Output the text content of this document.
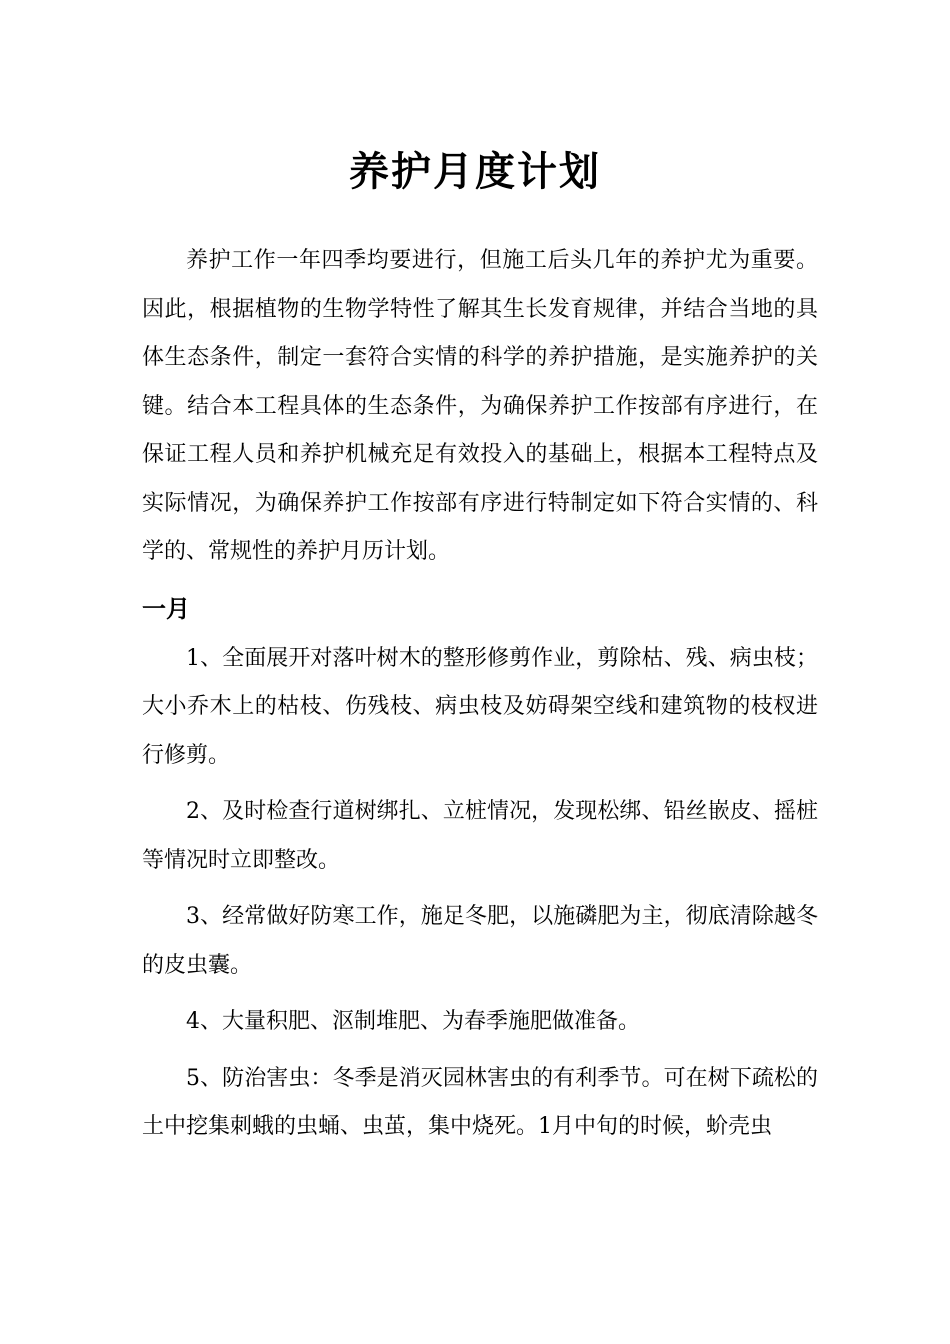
养护月度计划

养护工作一年四季均要进行，但施工后头几年的养护尤为重要。因此，根据植物的生物学特性了解其生长发育规律，并结合当地的具体生态条件，制定一套符合实情的科学的养护措施，是实施养护的关键。结合本工程具体的生态条件，为确保养护工作按部有序进行，在保证工程人员和养护机械充足有效投入的基础上，根据本工程特点及实际情况，为确保养护工作按部有序进行特制定如下符合实情的、科学的、常规性的养护月历计划。

一月

1、全面展开对落叶树木的整形修剪作业，剪除枯、残、病虫枝；大小乔木上的枯枝、伤残枝、病虫枝及妨碍架空线和建筑物的枝杈进行修剪。

2、及时检查行道树绑扎、立桩情况，发现松绑、铅丝嵌皮、摇桩等情况时立即整改。

3、经常做好防寒工作，施足冬肥，以施磷肥为主，彻底清除越冬的皮虫囊。

4、大量积肥、沤制堆肥、为春季施肥做准备。

5、防治害虫：冬季是消灭园林害虫的有利季节。可在树下疏松的土中挖集刺蛾的虫蛹、虫茧，集中烧死。1月中旬的时候，蚧壳虫
